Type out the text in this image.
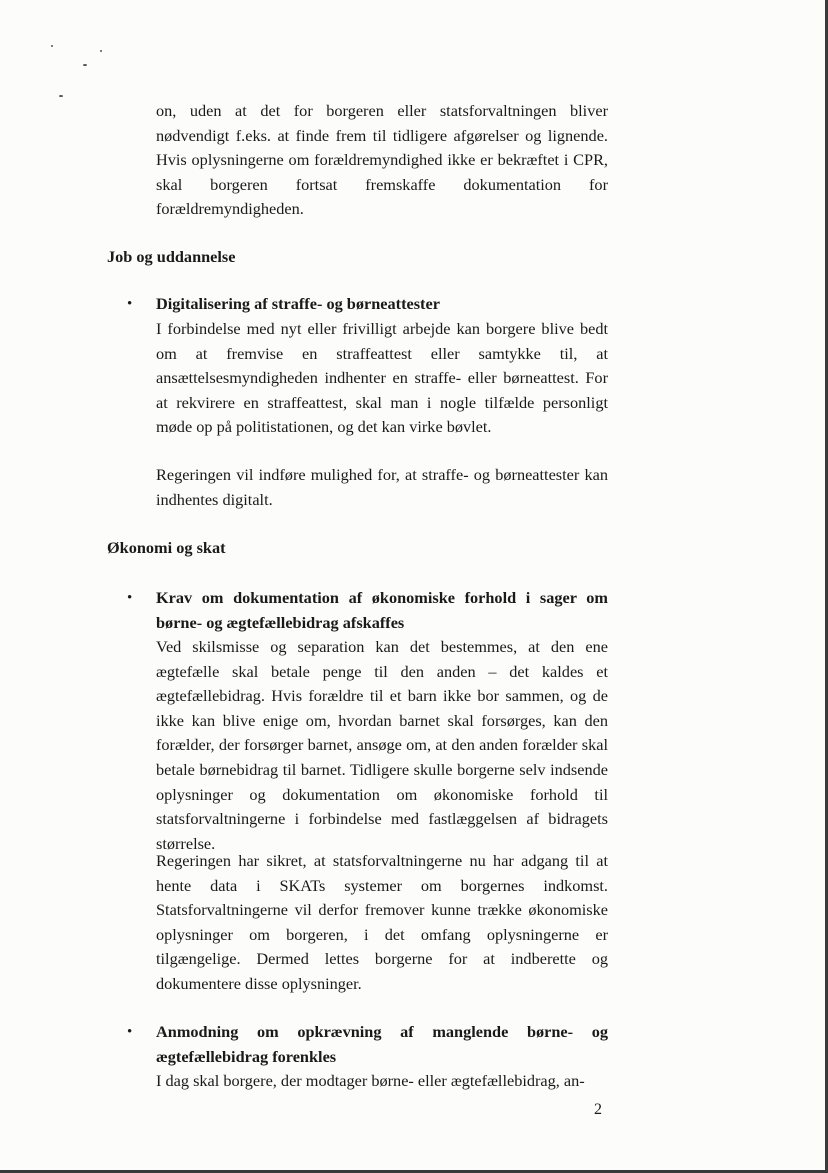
on, uden at det for borgeren eller statsforvaltningen bliver nødvendigt f.eks. at finde frem til tidligere afgørelser og lignende. Hvis oplysningerne om forældremyndighed ikke er bekræftet i CPR, skal borgeren fortsat fremskaffe dokumentation for forældremyndigheden.

Job og uddannelse
• Digitalisering af straffe- og børneattester

I forbindelse med nyt eller frivilligt arbejde kan borgere blive bedt om at fremvise en straffeattest eller samtykke til, at ansættelsesmyndigheden indhenter en straffe- eller børneattest. For at rekvirere en straffeattest, skal man i nogle tilfælde personligt møde op på politistationen, og det kan virke bøvlet.

Regeringen vil indføre mulighed for, at straffe- og børneattester kan indhentes digitalt.

Økonomi og skat
• Krav om dokumentation af økonomiske forhold i sager om børne- og ægtefællebidrag afskaffes

Ved skilsmisse og separation kan det bestemmes, at den ene ægtefælle skal betale penge til den anden – det kaldes et ægtefællebidrag. Hvis forældre til et barn ikke bor sammen, og de ikke kan blive enige om, hvordan barnet skal forsørges, kan den forælder, der forsørger barnet, ansøge om, at den anden forælder skal betale børnebidrag til barnet. Tidligere skulle borgerne selv indsende oplysninger og dokumentation om økonomiske forhold til statsforvaltningerne i forbindelse med fastlæggelsen af bidragets størrelse.

Regeringen har sikret, at statsforvaltningerne nu har adgang til at hente data i SKATs systemer om borgernes indkomst. Statsforvaltningerne vil derfor fremover kunne trække økonomiske oplysninger om borgeren, i det omfang oplysningerne er tilgængelige. Dermed lettes borgerne for at indberette og dokumentere disse oplysninger.

• Anmodning om opkrævning af manglende børne- og ægtefællebidrag forenkles

I dag skal borgere, der modtager børne- eller ægtefællebidrag, an-

2
